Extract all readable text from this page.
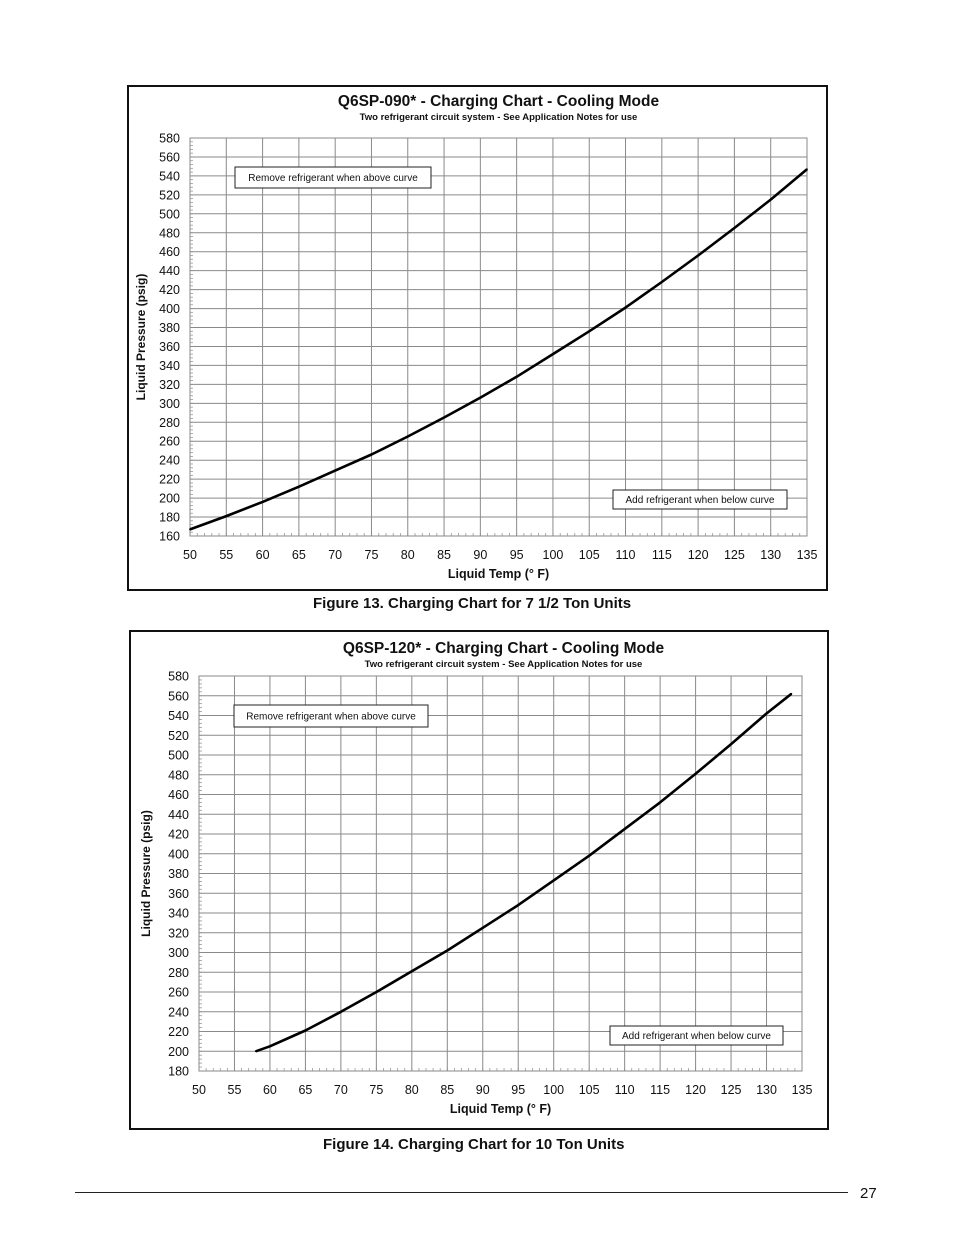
50 55 60 65 70 75 80 85 90 95 100 105 110 115 120 125 130 135
160
180
200
220
240
260
280
300
320
340
360
380
400
420
440
460
480
500
520
540
560
580
Q6SP-090* - Charging Chart - Cooling Mode
Two refrigerant circuit system - See Application Notes for use
Liquid Temp (° F)
Liquid Pressure (psig)
Remove refrigerant when above curve
Add refrigerant when below curve
Figure 13. Charging Chart for 7 1/2 Ton Units
50 55 60 65 70 75 80 85 90 95 100 105 110 115 120 125 130 135
180
200
220
240
260
280
300
320
340
360
380
400
420
440
460
480
500
520
540
560
580
Q6SP-120* - Charging Chart - Cooling Mode
Two refrigerant circuit system - See Application Notes for use
Liquid Temp (° F)
Liquid Pressure (psig)
Remove refrigerant when above curve
Add refrigerant when below curve
Figure 14. Charging Chart for 10 Ton Units
27
